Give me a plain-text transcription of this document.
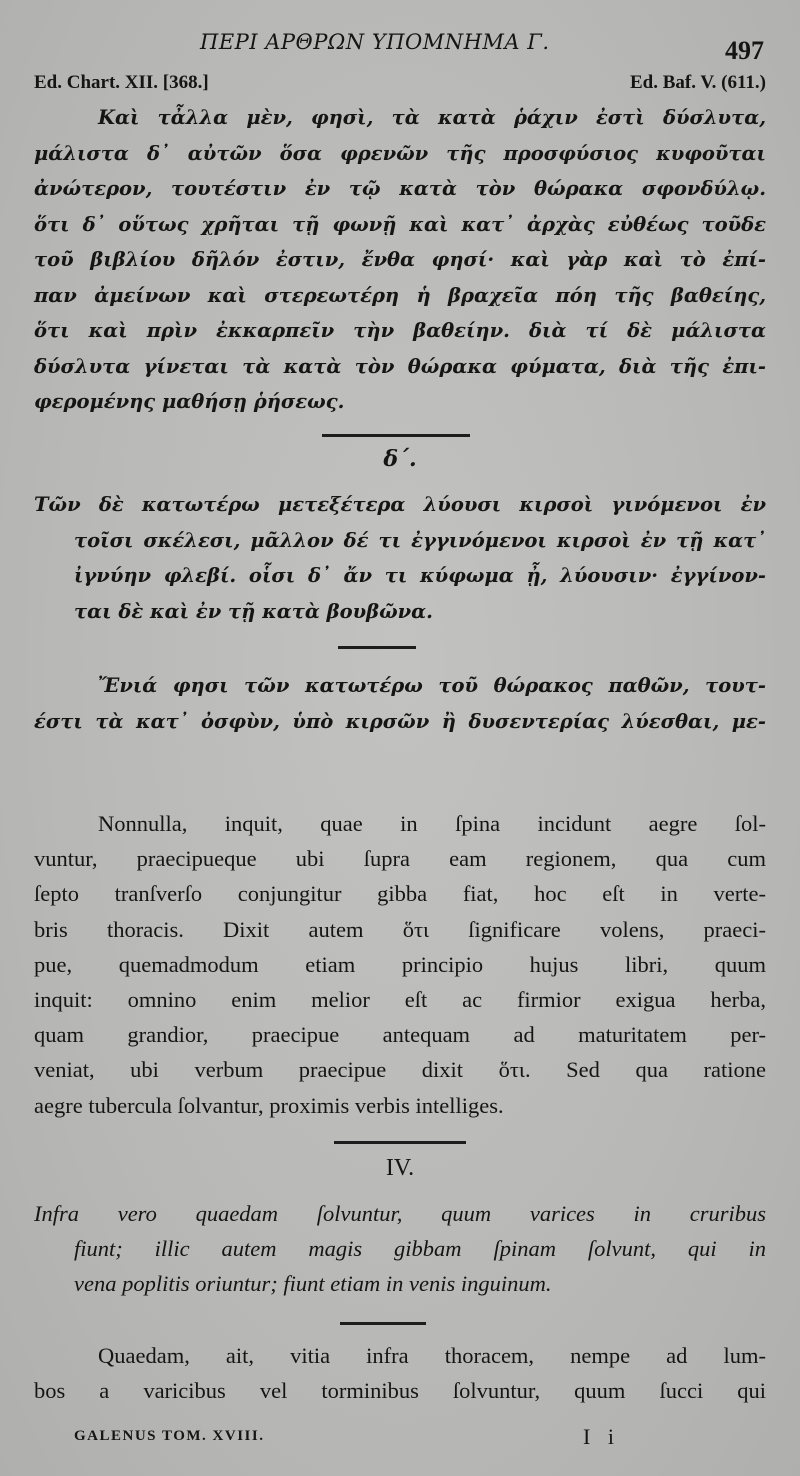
ΠΕΡΙ ΑΡΘΡΩΝ ΥΠΟΜΝΗΜΑ Γ.	497
Ed. Chart. XII. [368.]	Ed. Baf. V. (611.)
Καὶ τἆλλα μὲν, φησὶ, τὰ κατὰ ῥάχιν ἐστὶ δύσλυτα,
μάλιστα δ᾽ αὐτῶν ὅσα φρενῶν τῆς προσφύσιος κυφοῦται
ἀνώτερον, τουτέστιν ἐν τῷ κατὰ τὸν θώρακα σφονδύλῳ.
ὅτι δ᾽ οὕτως χρῆται τῇ φωνῇ καὶ κατ᾽ ἀρχὰς εὐθέως τοῦδε
τοῦ βιβλίου δῆλόν ἐστιν, ἔνθα φησί· καὶ γὰρ καὶ τὸ ἐπί-
παν ἀμείνων καὶ στερεωτέρη ἡ βραχεῖα πόη τῆς βαθείης,
ὅτι καὶ πρὶν ἐκκαρπεῖν τὴν βαθείην. διὰ τί δὲ μάλιστα
δύσλυτα γίνεται τὰ κατὰ τὸν θώρακα φύματα, διὰ τῆς ἐπι-
φερομένης μαθήσῃ ῥήσεως.
δ΄.
Τῶν δὲ κατωτέρω μετεξέτερα λύουσι κιρσοὶ γινόμενοι ἐν
τοῖσι σκέλεσι, μᾶλλον δέ τι ἐγγινόμενοι κιρσοὶ ἐν τῇ κατ᾽
ἰγνύην φλεβί. οἷσι δ᾽ ἄν τι κύφωμα ᾖ, λύουσιν· ἐγγίνον-
ται δὲ καὶ ἐν τῇ κατὰ βουβῶνα.
Ἔνιά φησι τῶν κατωτέρω τοῦ θώρακος παθῶν, τουτ-
έστι τὰ κατ᾽ ὀσφὺν, ὑπὸ κιρσῶν ἢ δυσεντερίας λύεσθαι, με-
Nonnulla, inquit, quae in ſpina incidunt aegre ſol-
vuntur, praecipueque ubi ſupra eam regionem, qua cum
ſepto tranſverſo conjungitur gibba fiat, hoc eſt in verte-
bris thoracis. Dixit autem ὅτι ſignificare volens, praeci-
pue, quemadmodum etiam principio hujus libri, quum
inquit: omnino enim melior eſt ac firmior exigua herba,
quam grandior, praecipue antequam ad maturitatem per-
veniat, ubi verbum praecipue dixit ὅτι. Sed qua ratione
aegre tubercula ſolvantur, proximis verbis intelliges.
IV.
Infra vero quaedam ſolvuntur, quum varices in cruribus
fiunt; illic autem magis gibbam ſpinam ſolvunt, qui in
vena poplitis oriuntur; fiunt etiam in venis inguinum.
Quaedam, ait, vitia infra thoracem, nempe ad lum-
bos a varicibus vel torminibus ſolvuntur, quum ſucci qui
GALENUS TOM. XVIII.	I i
